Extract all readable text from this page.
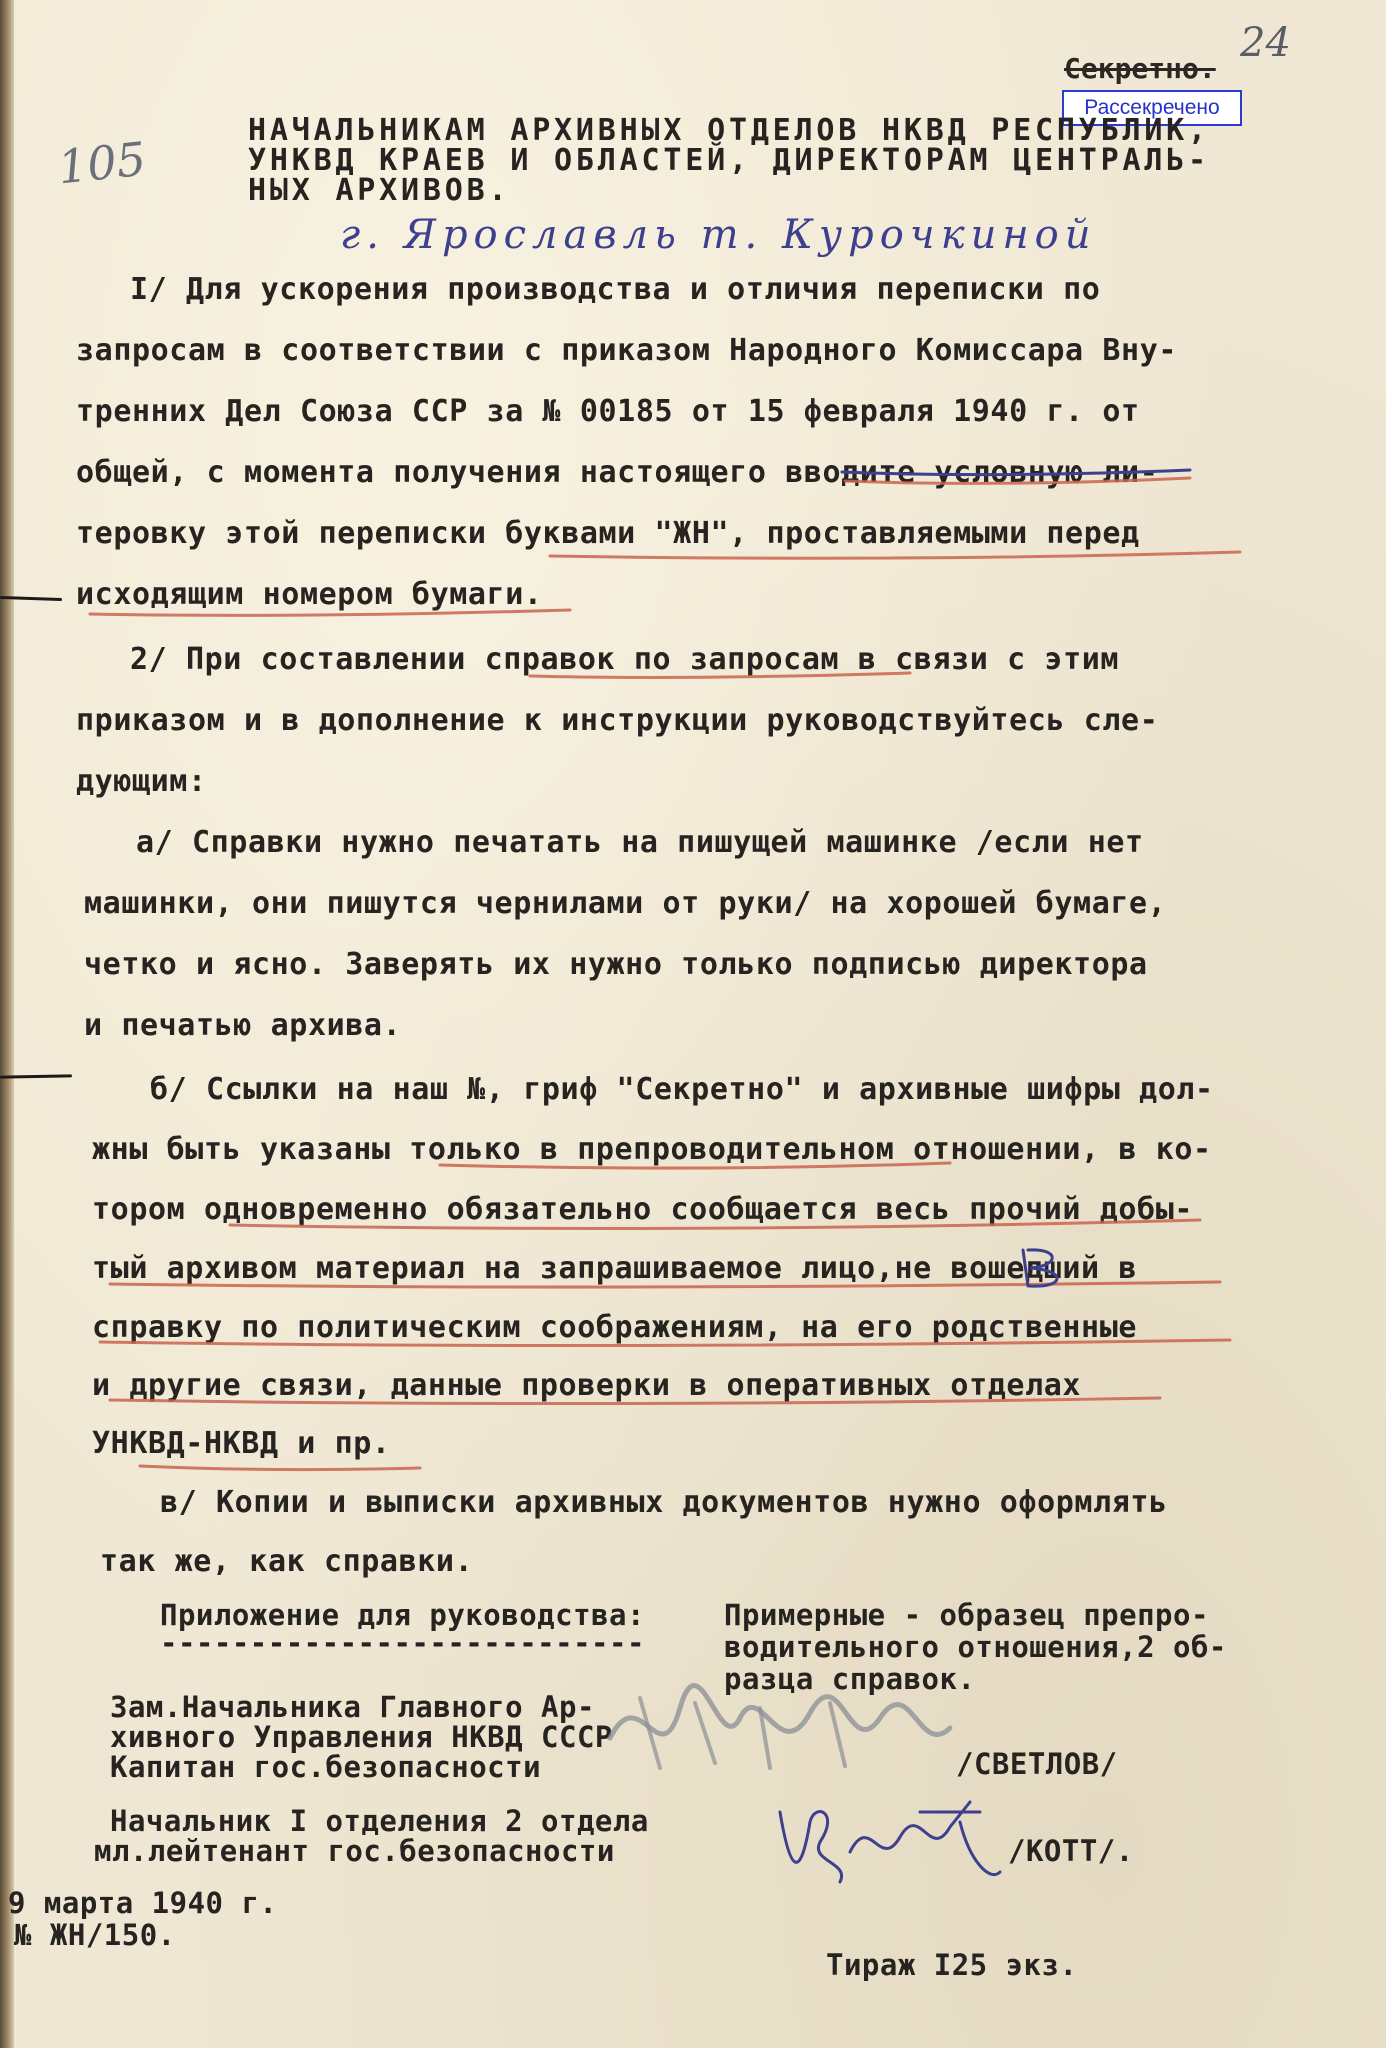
105
24
Секретно.
Рассекречено
НАЧАЛЬНИКАМ АРХИВНЫХ ОТДЕЛОВ НКВД РЕСПУБЛИК,
УНКВД КРАЕВ И ОБЛАСТЕЙ, ДИРЕКТОРАМ ЦЕНТРАЛЬ-
НЫХ АРХИВОВ.
г. Ярославль т. Курочкиной
I/ Для ускорения производства и отличия переписки по
запросам в соответствии с приказом Народного Комиссара Вну-
тренних Дел Союза ССР за № 00185 от 15 февраля 1940 г. от
общей, с момента получения настоящего вводите условную ли-
теровку этой переписки буквами "ЖН", проставляемыми перед
исходящим номером бумаги.
2/ При составлении справок по запросам в связи с этим
приказом и в дополнение к инструкции руководствуйтесь сле-
дующим:
а/ Справки нужно печатать на пишущей машинке /если нет
машинки, они пишутся чернилами от руки/ на хорошей бумаге,
четко и ясно. Заверять их нужно только подписью директора
и печатью архива.
б/ Ссылки на наш №, гриф "Секретно" и архивные шифры дол-
жны быть указаны только в препроводительном отношении, в ко-
тором одновременно обязательно сообщается весь прочий добы-
тый архивом материал на запрашиваемое лицо,не вошедший в
справку по политическим соображениям, на его родственные
и другие связи, данные проверки в оперативных отделах
УНКВД-НКВД и пр.
в/ Копии и выписки архивных документов нужно оформлять
так же, как справки.
Приложение для руководства:
---------------------------
Примерные - образец препро-
водительного отношения,2 об-
разца справок.
Зам.Начальника Главного Ар-
хивного Управления НКВД СССР
Капитан гос.безопасности	/СВЕТЛОВ/
Начальник I отделения 2 отдела
мл.лейтенант гос.безопасности	/КОТТ/.
9 марта 1940 г.
№ ЖН/150.
Тираж I25 экз.
